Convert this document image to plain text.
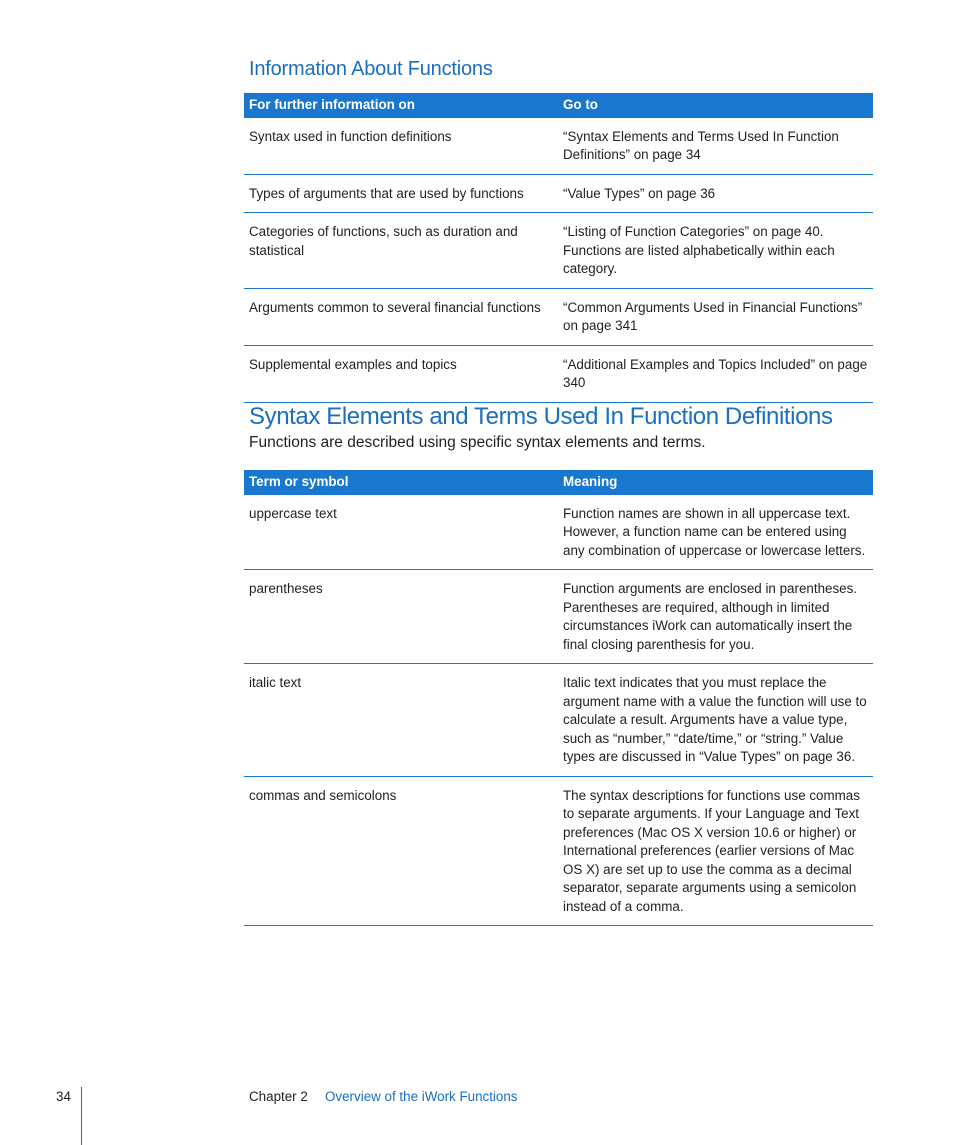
Information About Functions
For further information on	Go to
Syntax used in function definitions	“Syntax Elements and Terms Used In Function Definitions” on page 34
Types of arguments that are used by functions	“Value Types” on page 36
Categories of functions, such as duration and statistical	“Listing of Function Categories” on page 40. Functions are listed alphabetically within each category.
Arguments common to several financial functions	“Common Arguments Used in Financial Functions” on page 341
Supplemental examples and topics	“Additional Examples and Topics Included” on page 340
Syntax Elements and Terms Used In Function Definitions

Functions are described using specific syntax elements and terms.

Term or symbol	Meaning
uppercase text	Function names are shown in all uppercase text. However, a function name can be entered using any combination of uppercase or lowercase letters.
parentheses	Function arguments are enclosed in parentheses. Parentheses are required, although in limited circumstances iWork can automatically insert the final closing parenthesis for you.
italic text	Italic text indicates that you must replace the argument name with a value the function will use to calculate a result. Arguments have a value type, such as “number,” “date/time,” or “string.” Value types are discussed in “Value Types” on page 36.
commas and semicolons	The syntax descriptions for functions use commas to separate arguments. If your Language and Text preferences (Mac OS X version 10.6 or higher) or International preferences (earlier versions of Mac OS X) are set up to use the comma as a decimal separator, separate arguments using a semicolon instead of a comma.
34	Chapter 2 Overview of the iWork Functions
